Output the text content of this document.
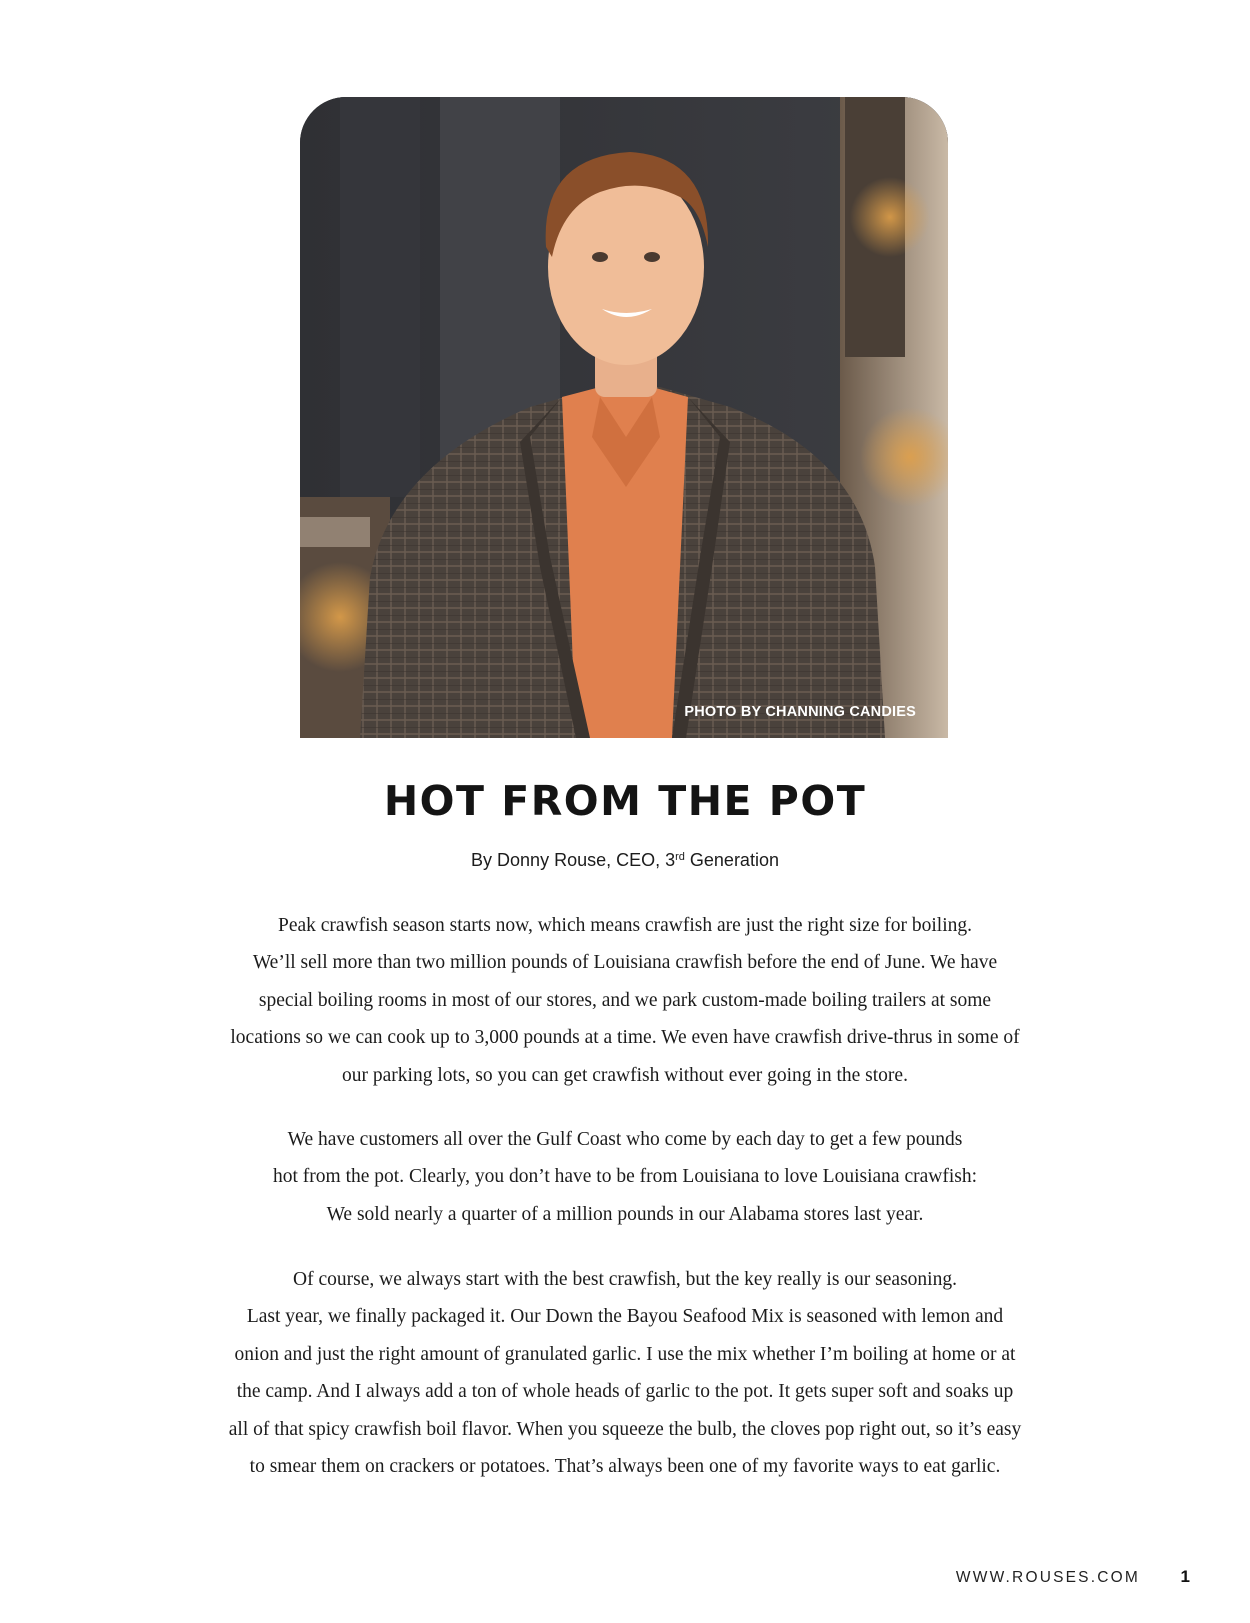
PHOTO BY CHANNING CANDIES
HOT FROM THE POT
By Donny Rouse, CEO, 3rd Generation

Peak crawfish season starts now, which means crawfish are just the right size for boiling.
We’ll sell more than two million pounds of Louisiana crawfish before the end of June. We have
special boiling rooms in most of our stores, and we park custom-made boiling trailers at some
locations so we can cook up to 3,000 pounds at a time. We even have crawfish drive-thrus in some of
our parking lots, so you can get crawfish without ever going in the store.

We have customers all over the Gulf Coast who come by each day to get a few pounds
hot from the pot. Clearly, you don’t have to be from Louisiana to love Louisiana crawfish:
We sold nearly a quarter of a million pounds in our Alabama stores last year.

Of course, we always start with the best crawfish, but the key really is our seasoning.
Last year, we finally packaged it. Our Down the Bayou Seafood Mix is seasoned with lemon and
onion and just the right amount of granulated garlic. I use the mix whether I’m boiling at home or at
the camp. And I always add a ton of whole heads of garlic to the pot. It gets super soft and soaks up
all of that spicy crawfish boil flavor. When you squeeze the bulb, the cloves pop right out, so it’s easy
to smear them on crackers or potatoes. That’s always been one of my favorite ways to eat garlic.

WWW.ROUSES.COM 1
